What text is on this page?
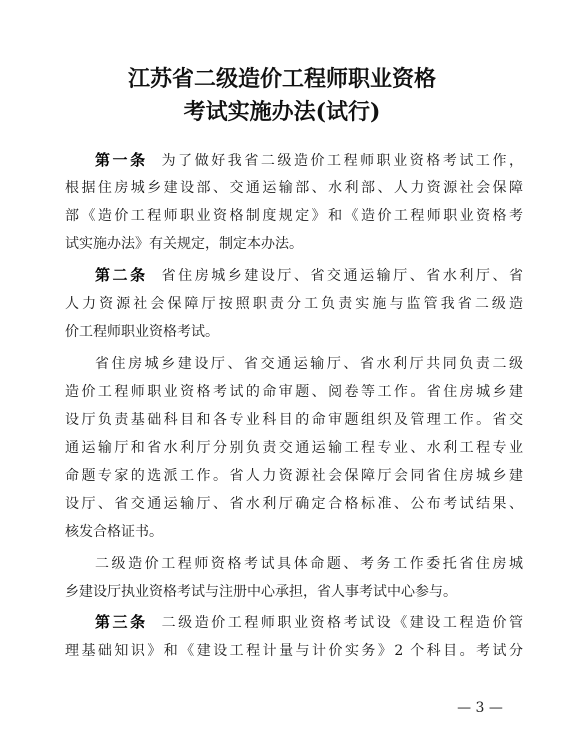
江苏省二级造价工程师职业资格
考试实施办法(试行)
第一条 为了做好我省二级造价工程师职业资格考试工作，
根据住房城乡建设部、交通运输部、水利部、人力资源社会保障
部《造价工程师职业资格制度规定》和《造价工程师职业资格考
试实施办法》有关规定，制定本办法。
第二条 省住房城乡建设厅、省交通运输厅、省水利厅、省
人力资源社会保障厅按照职责分工负责实施与监管我省二级造
价工程师职业资格考试。
省住房城乡建设厅、省交通运输厅、省水利厅共同负责二级
造价工程师职业资格考试的命审题、阅卷等工作。省住房城乡建
设厅负责基础科目和各专业科目的命审题组织及管理工作。省交
通运输厅和省水利厅分别负责交通运输工程专业、水利工程专业
命题专家的选派工作。省人力资源社会保障厅会同省住房城乡建
设厅、省交通运输厅、省水利厅确定合格标准、公布考试结果、
核发合格证书。
二级造价工程师资格考试具体命题、考务工作委托省住房城
乡建设厅执业资格考试与注册中心承担，省人事考试中心参与。
第三条 二级造价工程师职业资格考试设《建设工程造价管
理基础知识》和《建设工程计量与计价实务》2 个科目。考试分
— 3 —
